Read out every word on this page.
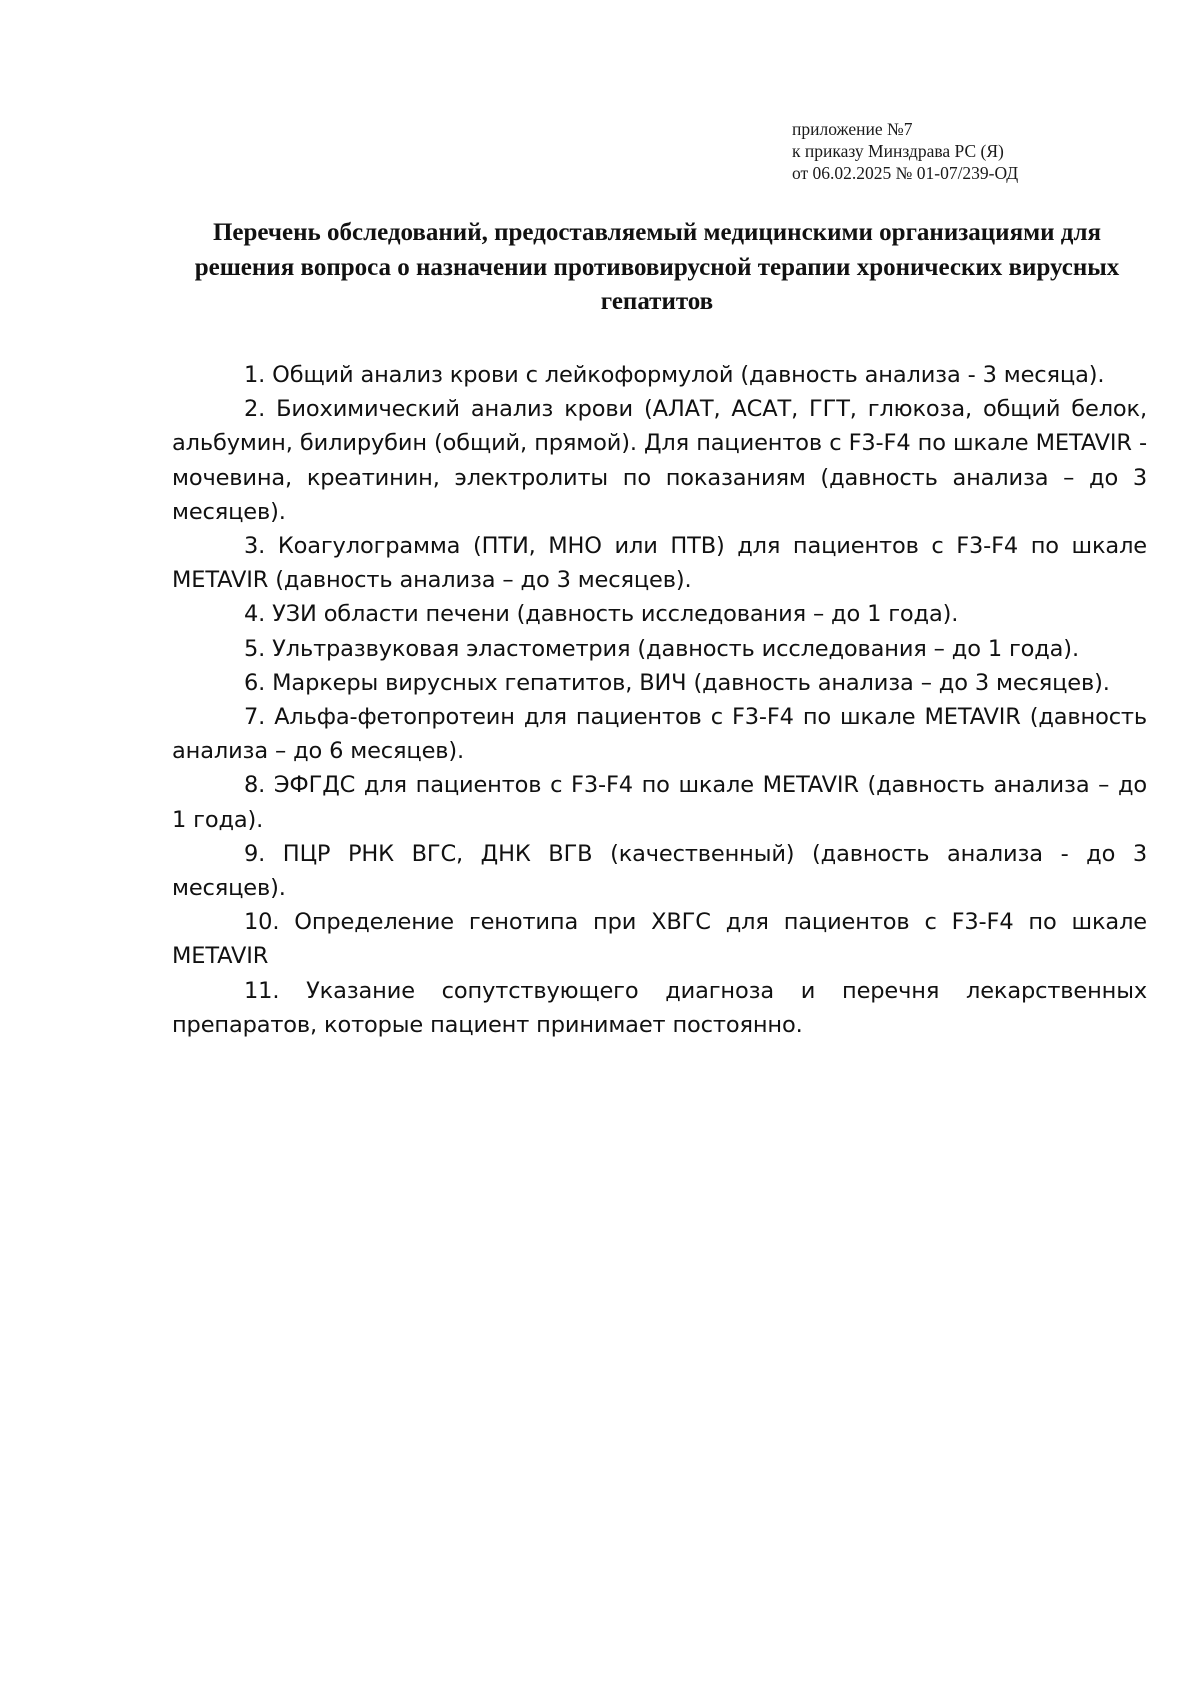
приложение №7
к приказу Минздрава РС (Я)
от 06.02.2025 № 01-07/239-ОД
Перечень обследований, предоставляемый медицинскими организациями для решения вопроса о назначении противовирусной терапии хронических вирусных гепатитов

1. Общий анализ крови с лейкоформулой (давность анализа - 3 месяца).

2. Биохимический анализ крови (АЛАТ, АСАТ, ГГТ, глюкоза, общий белок, альбумин, билирубин (общий, прямой). Для пациентов с F3-F4 по шкале METAVIR - мочевина, креатинин, электролиты по показаниям (давность анализа – до 3 месяцев).

3. Коагулограмма (ПТИ, МНО или ПТВ) для пациентов с F3-F4 по шкале METAVIR (давность анализа – до 3 месяцев).

4. УЗИ области печени (давность исследования – до 1 года).

5. Ультразвуковая эластометрия (давность исследования – до 1 года).

6. Маркеры вирусных гепатитов, ВИЧ (давность анализа – до 3 месяцев).

7. Альфа-фетопротеин для пациентов с F3-F4 по шкале METAVIR (давность анализа – до 6 месяцев).

8. ЭФГДС для пациентов с F3-F4 по шкале METAVIR (давность анализа – до 1 года).

9. ПЦР РНК ВГС, ДНК ВГВ (качественный) (давность анализа - до 3 месяцев).

10. Определение генотипа при ХВГС для пациентов с F3-F4 по шкале METAVIR

11. Указание сопутствующего диагноза и перечня лекарственных препаратов, которые пациент принимает постоянно.
